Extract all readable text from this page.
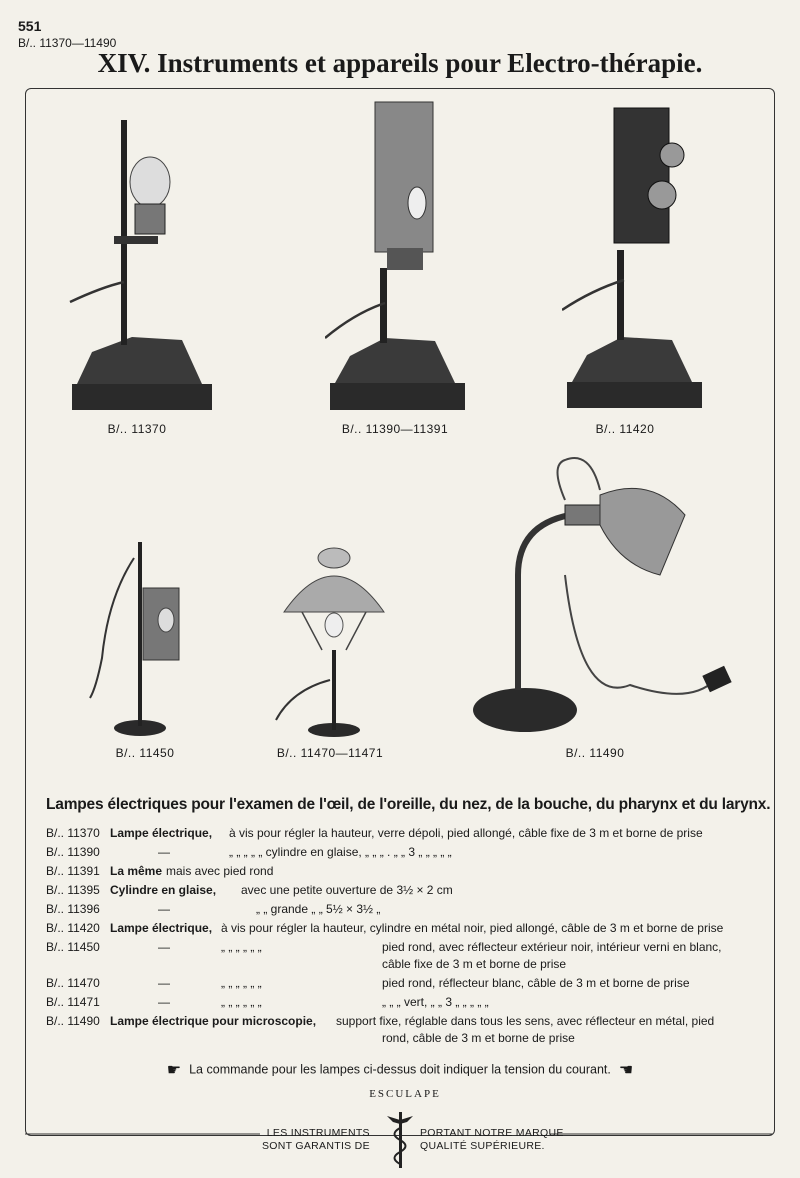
551
B/.. 11370—11490
XIV. Instruments et appareils pour Electro-thérapie.
B/.. 11370	B/.. 11390—11391	B/.. 11420
B/.. 11450	B/.. 11470—11471	B/.. 11490
Lampes électriques pour l'examen de l'œil, de l'oreille, du nez, de la bouche, du pharynx et du larynx.
B/.. 11370 Lampe électrique, à vis pour régler la hauteur, verre dépoli, pied allongé, câble fixe de 3 m et borne de prise
B/.. 11390	—	„ „ „ „ „ cylindre en glaise, „ „ „ . „ „ 3 „ „ „ „ „
B/.. 11391 La même mais avec pied rond
B/.. 11395 Cylindre en glaise, avec une petite ouverture de 3½ × 2 cm
B/.. 11396	—	„ „ grande „ „ 5½ × 3½ „
B/.. 11420 Lampe électrique, à vis pour régler la hauteur, cylindre en métal noir, pied allongé, câble de 3 m et borne de prise
B/.. 11450	—	„ „ „ „ „ „	pied rond, avec réflecteur extérieur noir, intérieur verni en blanc,
câble fixe de 3 m et borne de prise
B/.. 11470	—	„ „ „ „ „ „	pied rond, réflecteur blanc, câble de 3 m et borne de prise
B/.. 11471	—	„ „ „ „ „ „	„ „ „ vert, „ „ 3 „ „ „ „ „
B/.. 11490 Lampe électrique pour microscopie, support fixe, réglable dans tous les sens, avec réflecteur en métal, pied
rond, câble de 3 m et borne de prise
☛ La commande pour les lampes ci-dessus doit indiquer la tension du courant. ☚
ESCULAPE
LES INSTRUMENTS
SONT GARANTIS DE
PORTANT NOTRE MARQUE
QUALITÉ SUPÉRIEURE.
